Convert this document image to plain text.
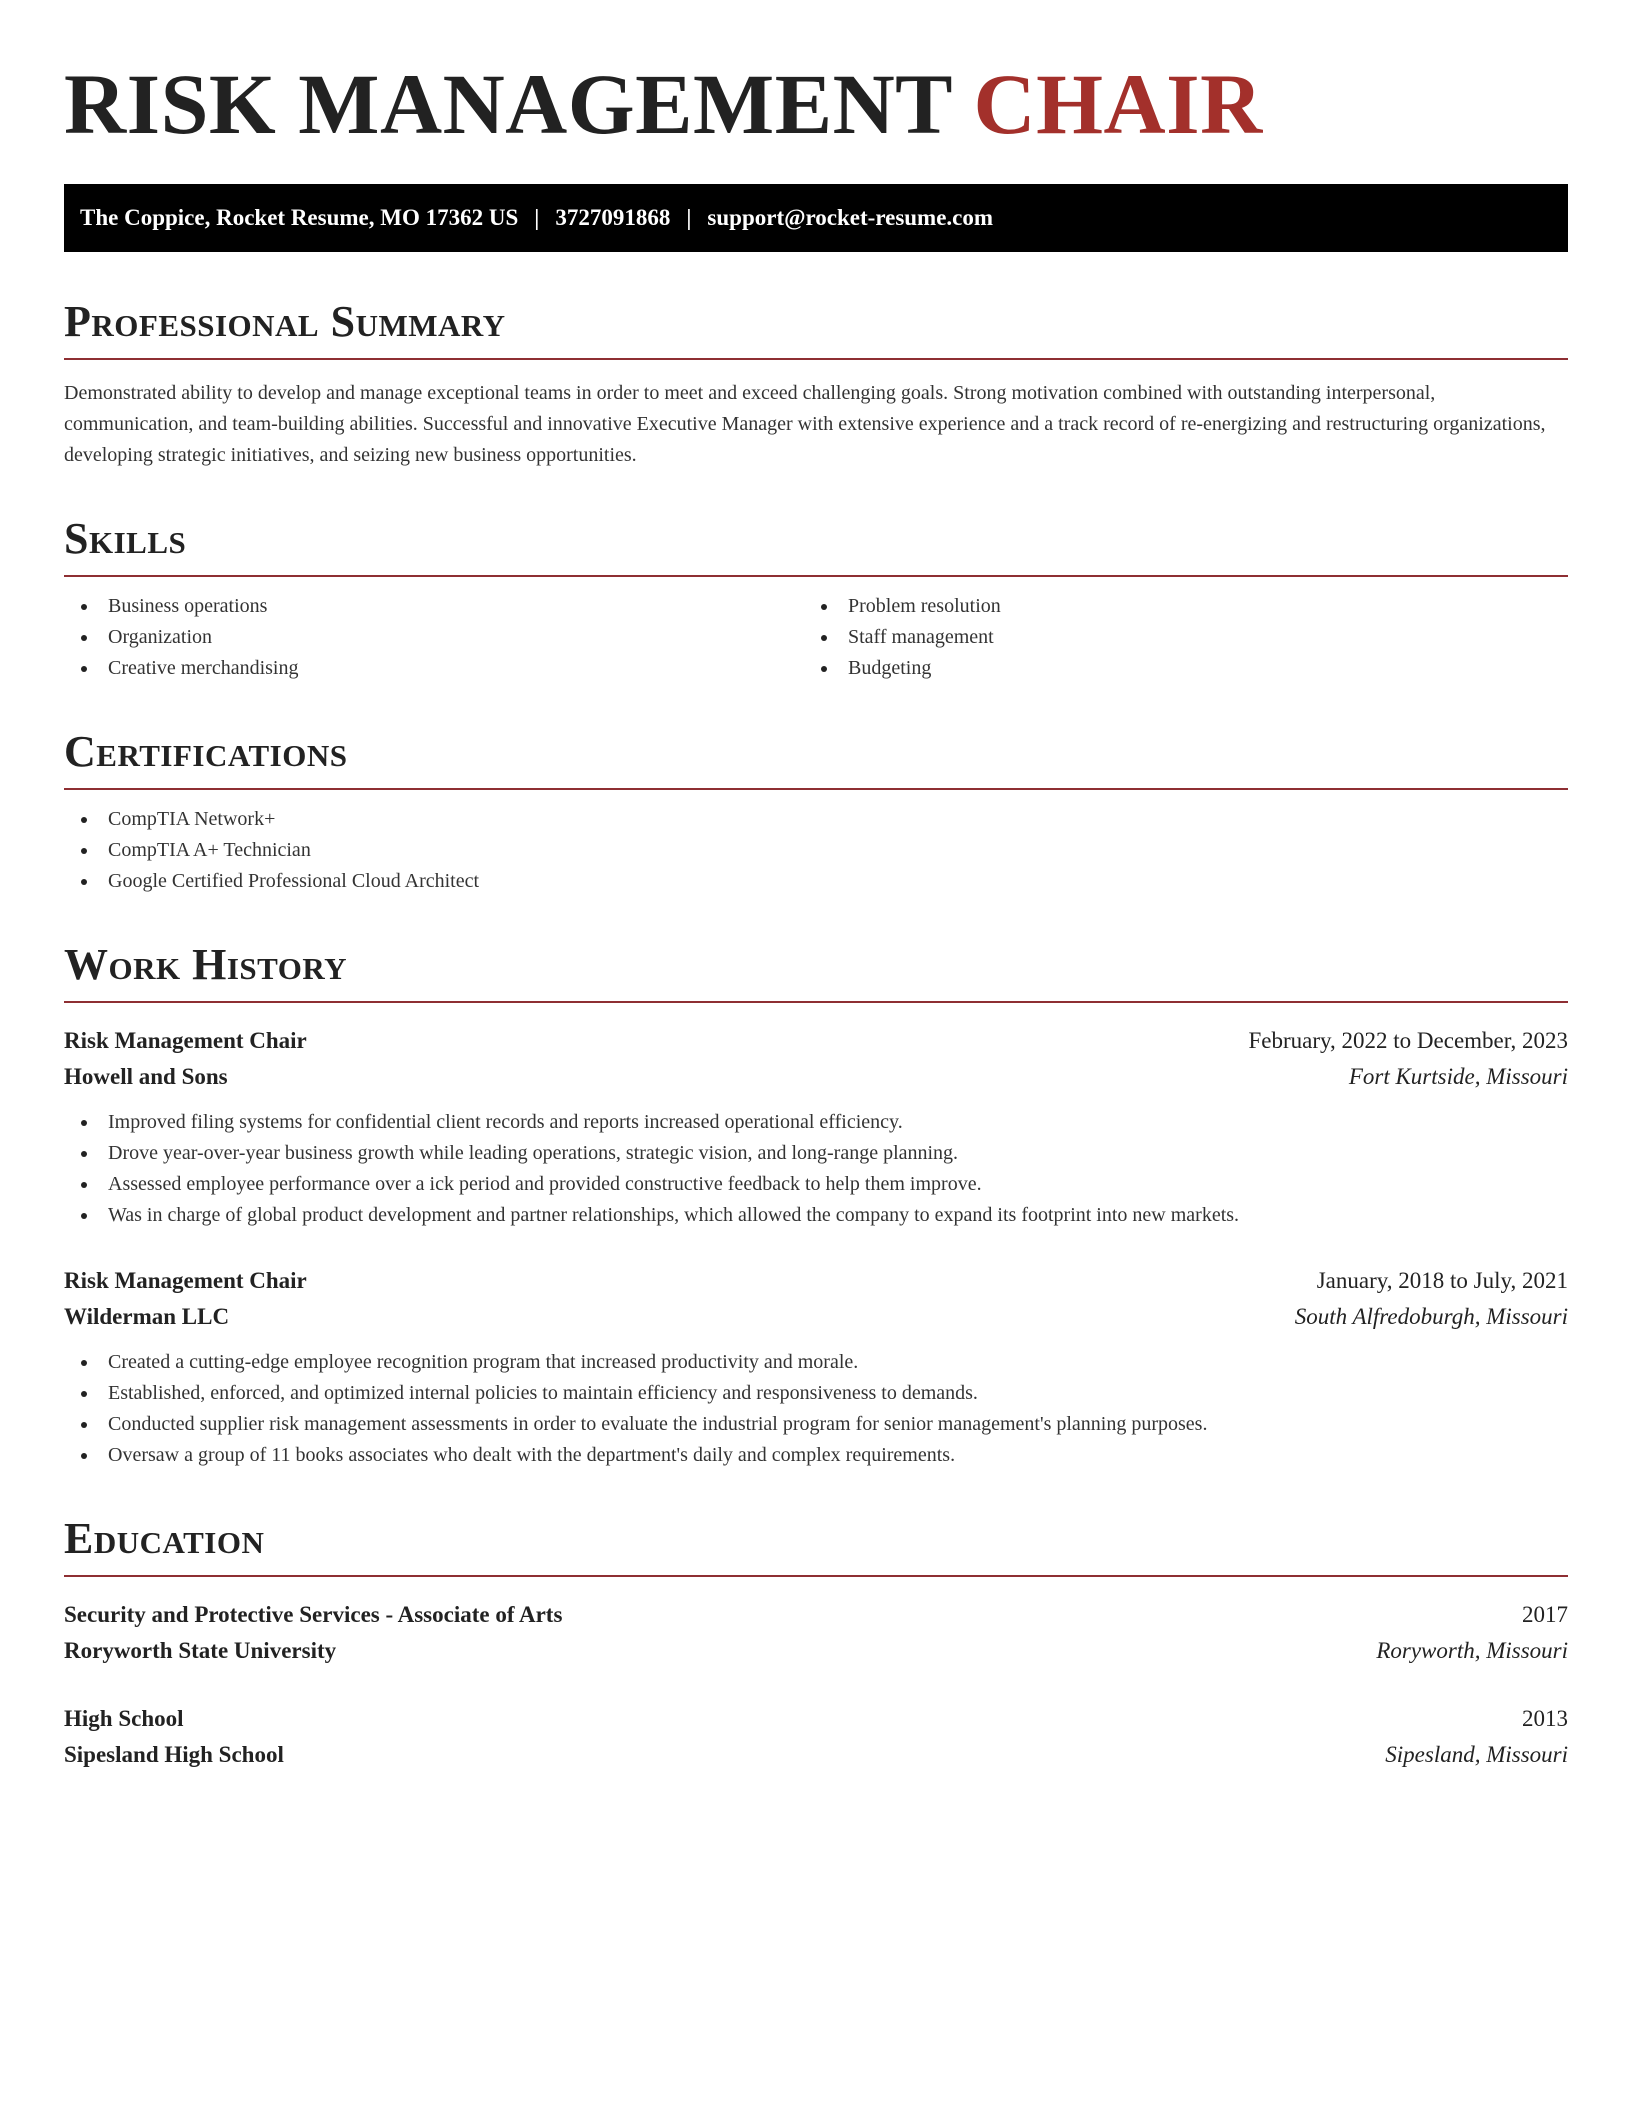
RISK MANAGEMENT CHAIR
The Coppice, Rocket Resume, MO 17362 US | 3727091868 | support@rocket-resume.com
Professional Summary

Demonstrated ability to develop and manage exceptional teams in order to meet and exceed challenging goals. Strong motivation combined with outstanding interpersonal, communication, and team-building abilities. Successful and innovative Executive Manager with extensive experience and a track record of re-energizing and restructuring organizations, developing strategic initiatives, and seizing new business opportunities.

Skills
Business operations
Organization
Creative merchandising
Problem resolution
Staff management
Budgeting
Certifications
CompTIA Network+
CompTIA A+ Technician
Google Certified Professional Cloud Architect
Work History
Risk Management Chair	February, 2022 to December, 2023
Howell and Sons	Fort Kurtside, Missouri
Improved filing systems for confidential client records and reports increased operational efficiency.
Drove year-over-year business growth while leading operations, strategic vision, and long-range planning.
Assessed employee performance over a ick period and provided constructive feedback to help them improve.
Was in charge of global product development and partner relationships, which allowed the company to expand its footprint into new markets.
Risk Management Chair	January, 2018 to July, 2021
Wilderman LLC	South Alfredoburgh, Missouri
Created a cutting-edge employee recognition program that increased productivity and morale.
Established, enforced, and optimized internal policies to maintain efficiency and responsiveness to demands.
Conducted supplier risk management assessments in order to evaluate the industrial program for senior management's planning purposes.
Oversaw a group of 11 books associates who dealt with the department's daily and complex requirements.
Education
Security and Protective Services - Associate of Arts	2017
Roryworth State University	Roryworth, Missouri
High School	2013
Sipesland High School	Sipesland, Missouri
